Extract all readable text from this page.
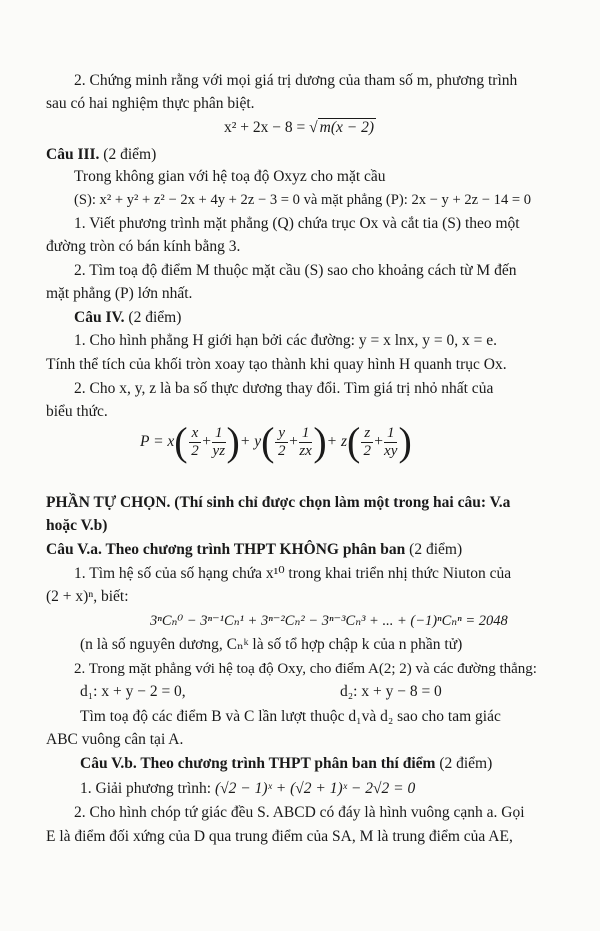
2. Chứng minh rằng với mọi giá trị dương của tham số m, phương trình
sau có hai nghiệm thực phân biệt.
x² + 2x − 8 = √ m(x − 2)
Câu III. (2 điểm)
Trong không gian với hệ toạ độ Oxyz cho mặt cầu
(S): x² + y² + z² − 2x + 4y + 2z − 3 = 0 và mặt phẳng (P): 2x − y + 2z − 14 = 0
1. Viết phương trình mặt phẳng (Q) chứa trục Ox và cắt tia (S) theo một
đường tròn có bán kính bằng 3.
2. Tìm toạ độ điểm M thuộc mặt cầu (S) sao cho khoảng cách từ M đến
mặt phẳng (P) lớn nhất.
Câu IV. (2 điểm)
1. Cho hình phẳng H giới hạn bởi các đường: y = x lnx, y = 0, x = e.
Tính thể tích của khối tròn xoay tạo thành khi quay hình H quanh trục Ox.
2. Cho x, y, z là ba số thực dương thay đổi. Tìm giá trị nhỏ nhất của
biểu thức.
P = x ( $\frac{x}{2} + \frac{1}{yz}$ ) + y ( $\frac{y}{2} + \frac{1}{zx}$ ) + z ( $\frac{z}{2} + \frac{1}{xy}$ )
PHẦN TỰ CHỌN. (Thí sinh chỉ được chọn làm một trong hai câu: V.a
hoặc V.b)
Câu V.a. Theo chương trình THPT KHÔNG phân ban (2 điểm)
1. Tìm hệ số của số hạng chứa x¹⁰ trong khai triển nhị thức Niuton của
(2 + x)ⁿ, biết:
3ⁿCₙ⁰ − 3ⁿ⁻¹Cₙ¹ + 3ⁿ⁻²Cₙ² − 3ⁿ⁻³Cₙ³ + ... + (−1)ⁿCₙⁿ = 2048
(n là số nguyên dương, Cₙᵏ là số tổ hợp chập k của n phần tử)
2. Trong mặt phẳng với hệ toạ độ Oxy, cho điểm A(2; 2) và các đường thẳng:
d₁: x + y − 2 = 0,	d₂: x + y − 8 = 0
Tìm toạ độ các điểm B và C lần lượt thuộc d₁và d₂ sao cho tam giác
ABC vuông cân tại A.
Câu V.b. Theo chương trình THPT phân ban thí điểm (2 điểm)
1. Giải phương trình: (√2 − 1)ˣ + (√2 + 1)ˣ − 2√2 = 0
2. Cho hình chóp tứ giác đều S. ABCD có đáy là hình vuông cạnh a. Gọi
E là điểm đối xứng của D qua trung điểm của SA, M là trung điểm của AE,
